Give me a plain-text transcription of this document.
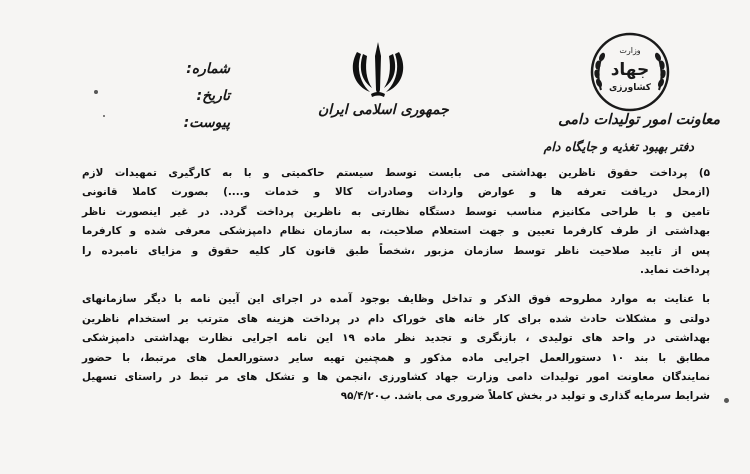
وزارت
جهاد
کشاورزی
معاونت امور تولیدات دامی
دفتر بهبود تغذیه و جایگاه دام
جمهوری اسلامی ایران
شماره:
تاریخ:
پیوست:
۵) پرداخت حقوق ناظرین بهداشتی می بایست توسط سیستم حاکمیتی و با به کارگیری تمهیدات لازم
(ازمحل دریافت تعرفه ها و عوارض واردات وصادرات کالا و خدمات و....) بصورت کاملا قانونی
تامین و با طراحی مکانیزم مناسب توسط دستگاه نظارتی به ناظرین پرداخت گردد. در غیر اینصورت ناظر
بهداشتی از طرف کارفرما تعیین و جهت استعلام صلاحیت، به سازمان نظام دامپزشکی معرفی شده و کارفرما
پس از تایید صلاحیت ناظر توسط سازمان مزبور ،شخصاً طبق قانون کار کلیه حقوق و مزایای نامبرده را
پرداخت نماید.
با عنایت به موارد مطروحه فوق الذکر و تداخل وظایف بوجود آمده در اجرای این آیین نامه با دیگر سازمانهای
دولتی و مشکلات حادث شده برای کار خانه های خوراک دام در پرداخت هزینه های مترتب بر استخدام ناظرین
بهداشتی در واحد های تولیدی ، بازنگری و تجدید نظر ماده ۱۹ این نامه اجرایی نظارت بهداشتی دامپزشکی
مطابق با بند ۱۰ دستورالعمل اجرایی ماده مذکور و همچنین تهیه سایر دستورالعمل های مرتبط، با حضور
نمایندگان معاونت امور تولیدات دامی وزارت جهاد کشاورزی ،انجمن ها و تشکل های مر تبط در راستای تسهیل
شرایط سرمایه گذاری و تولید در بخش کاملاً ضروری می باشد. ب۹۵/۴/۲۰
